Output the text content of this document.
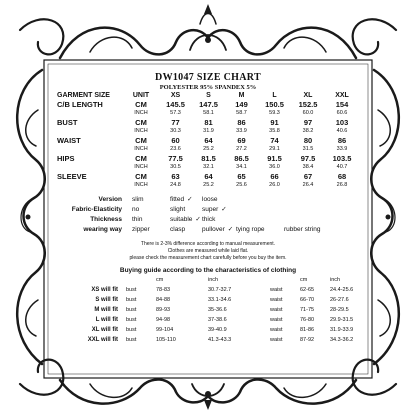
DW1047 SIZE CHART
POLYESTER 95% SPANDEX 5%
GARMENT SIZE	UNIT	XS	S	M	L	XL	XXL
C/B LENGTH	CM	145.5	147.5	149	150.5	152.5	154
	INCH	57.3	58.1	58.7	59.3	60.0	60.6
BUST	CM	77	81	86	91	97	103
	INCH	30.3	31.9	33.9	35.8	38.2	40.6
WAIST	CM	60	64	69	74	80	86
	INCH	23.6	25.2	27.2	29.1	31.5	33.9
HIPS	CM	77.5	81.5	86.5	91.5	97.5	103.5
	INCH	30.5	32.1	34.1	36.0	38.4	40.7
SLEEVE	CM	63	64	65	66	67	68
	INCH	24.8	25.2	25.6	26.0	26.4	26.8
Version slim	fitted ✓ loose
Fabric-Elasticity no	slight	super ✓
Thickness thin	suitable ✓ thick
wearing way zipper	clasp	pullover ✓ tying rope	rubber string
There is 2-3% difference according to manual measurement.
Clothes are measured while laid flat.
please check the measurement chart carefully before you buy the item.
Buying guide according to the characteristics of clothing
		cm	inch		cm	inch
XS will fit	bust	78-83	30.7-32.7	waist	62-65	24.4-25.6
S will fit	bust	84-88	33.1-34.6	waist	66-70	26-27.6
M will fit	bust	89-93	35-36.6	waist	71-75	28-29.5
L will fit	bust	94-98	37-38.6	waist	76-80	29.9-31.5
XL will fit	bust	99-104	39-40.9	waist	81-86	31.9-33.9
XXL will fit	bust	105-110	41.3-43.3	waist	87-92	34.3-36.2
